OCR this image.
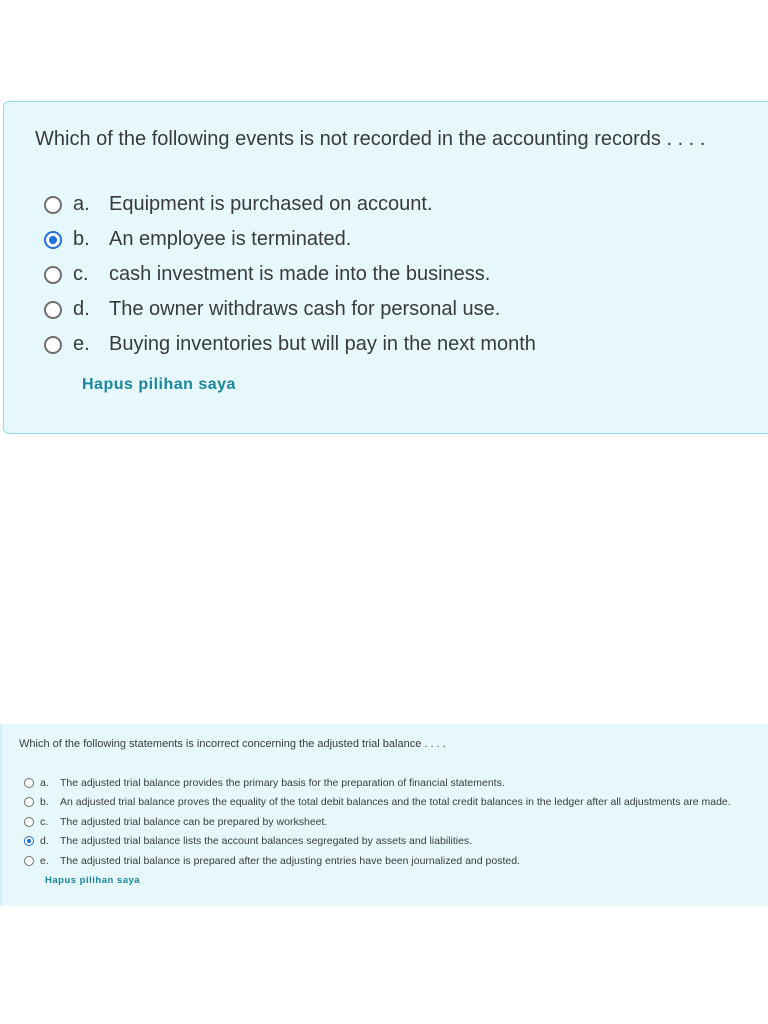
Which of the following events is not recorded in the accounting records . . . .
a. Equipment is purchased on account.
b. An employee is terminated.
c.	cash investment is made into the business.
d. The owner withdraws cash for personal use.
e. Buying inventories but will pay in the next month
Hapus pilihan saya
Which of the following statements is incorrect concerning the adjusted trial balance . . . .
a.	The adjusted trial balance provides the primary basis for the preparation of financial statements.
b.	An adjusted trial balance proves the equality of the total debit balances and the total credit balances in the ledger after all adjustments are made.
c.	The adjusted trial balance can be prepared by worksheet.
d.	The adjusted trial balance lists the account balances segregated by assets and liabilities.
e.	The adjusted trial balance is prepared after the adjusting entries have been journalized and posted.
Hapus pilihan saya
